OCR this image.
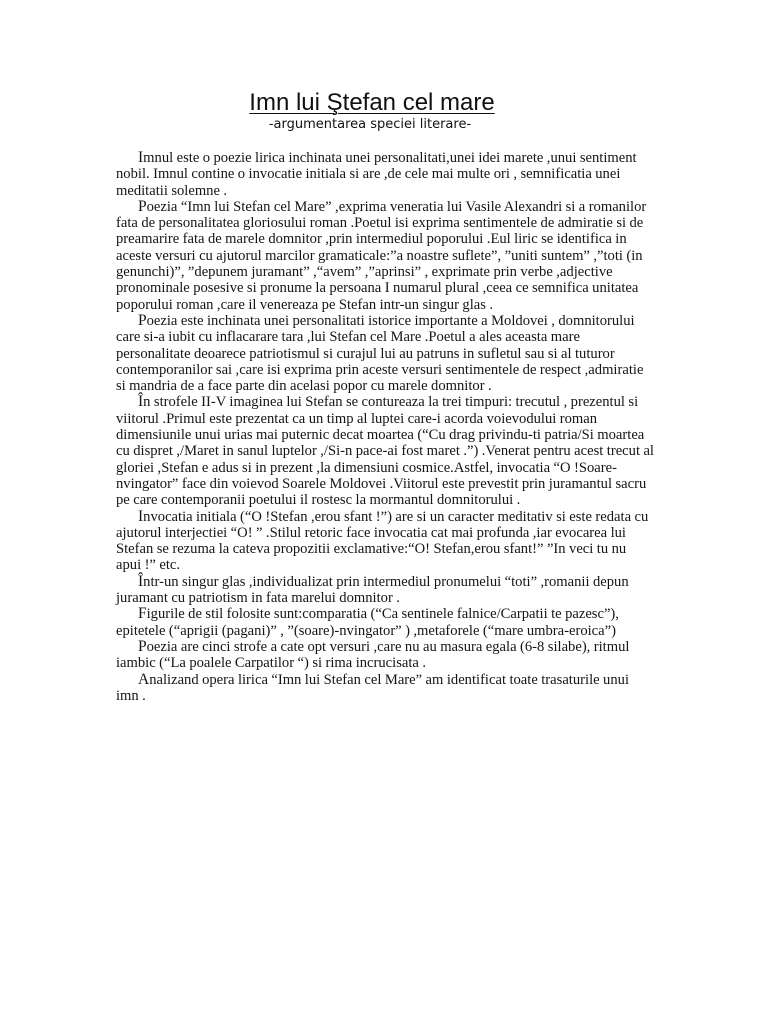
Imn lui Ştefan cel mare
-argumentarea speciei literare-

Imnul este o poezie lirica inchinata unei personalitati,unei idei marete ,unui sentiment nobil. Imnul contine o invocatie initiala si are ,de cele mai multe ori , semnificatia unei meditatii solemne .

Poezia “Imn lui Stefan cel Mare” ,exprima veneratia lui Vasile Alexandri si a romanilor fata de personalitatea gloriosului roman .Poetul isi exprima sentimentele de admiratie si de preamarire fata de marele domnitor ,prin intermediul poporului .Eul liric se identifica in aceste versuri cu ajutorul marcilor gramaticale:”a noastre suflete”, ”uniti suntem” ,”toti (in genunchi)”, ”depunem juramant” ,“avem” ,”aprinsi” , exprimate prin verbe ,adjective pronominale posesive si pronume la persoana I numarul plural ,ceea ce semnifica unitatea poporului roman ,care il venereaza pe Stefan intr-un singur glas .

Poezia este inchinata unei personalitati istorice importante a Moldovei , domnitorului care si-a iubit cu inflacarare tara ,lui Stefan cel Mare .Poetul a ales aceasta mare personalitate deoarece patriotismul si curajul lui au patruns in sufletul sau si al tuturor contemporanilor sai ,care isi exprima prin aceste versuri sentimentele de respect ,admiratie si mandria de a face parte din acelasi popor cu marele domnitor .

În strofele II-V imaginea lui Stefan se contureaza la trei timpuri: trecutul , prezentul si viitorul .Primul este prezentat ca un timp al luptei care-i acorda voievodului roman dimensiunile unui urias mai puternic decat moartea (“Cu drag privindu-ti patria/Si moartea cu dispret ,/Maret in sanul luptelor ,/Si-n pace-ai fost maret .”) .Venerat pentru acest trecut al gloriei ,Stefan e adus si in prezent ,la dimensiuni cosmice.Astfel, invocatia “O !Soare-nvingator” face din voievod Soarele Moldovei .Viitorul este prevestit prin juramantul sacru pe care contemporanii poetului il rostesc la mormantul domnitorului .

Invocatia initiala (“O !Stefan ,erou sfant !”) are si un caracter meditativ si este redata cu ajutorul interjectiei “O! ” .Stilul retoric face invocatia cat mai profunda ,iar evocarea lui Stefan se rezuma la cateva propozitii exclamative:“O! Stefan,erou sfant!” ”In veci tu nu apui !” etc.

Într-un singur glas ,individualizat prin intermediul pronumelui “toti” ,romanii depun juramant cu patriotism in fata marelui domnitor .

Figurile de stil folosite sunt:comparatia (“Ca sentinele falnice/Carpatii te pazesc”), epitetele (“aprigii (pagani)” , ”(soare)-nvingator” ) ,metaforele (“mare umbra-eroica”)

Poezia are cinci strofe a cate opt versuri ,care nu au masura egala (6-8 silabe), ritmul iambic (“La poalele Carpatilor “) si rima incrucisata .

Analizand opera lirica “Imn lui Stefan cel Mare” am identificat toate trasaturile unui imn .
